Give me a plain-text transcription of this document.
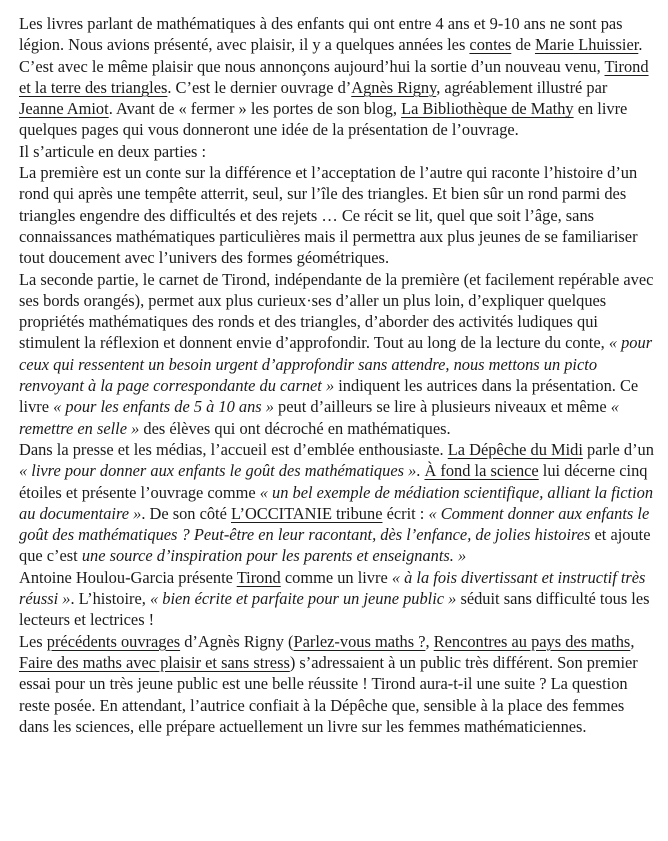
Les livres parlant de mathématiques à des enfants qui ont entre 4 ans et 9-10 ans ne sont pas légion. Nous avions présenté, avec plaisir, il y a quelques années les contes de Marie Lhuissier. C’est avec le même plaisir que nous annonçons aujourd’hui la sortie d’un nouveau venu, Tirond et la terre des triangles. C’est le dernier ouvrage d’Agnès Rigny, agréablement illustré par Jeanne Amiot. Avant de « fermer » les portes de son blog, La Bibliothèque de Mathy en livre quelques pages qui vous donneront une idée de la présentation de l’ouvrage.

Il s’articule en deux parties :

La première est un conte sur la différence et l’acceptation de l’autre qui raconte l’histoire d’un rond qui après une tempête atterrit, seul, sur l’île des triangles. Et bien sûr un rond parmi des triangles engendre des difficultés et des rejets … Ce récit se lit, quel que soit l’âge, sans connaissances mathématiques particulières mais il permettra aux plus jeunes de se familiariser tout doucement avec l’univers des formes géométriques.

La seconde partie, le carnet de Tirond, indépendante de la première (et facilement repérable avec ses bords orangés), permet aux plus curieux·ses d’aller un plus loin, d’expliquer quelques propriétés mathématiques des ronds et des triangles, d’aborder des activités ludiques qui stimulent la réflexion et donnent envie d’approfondir. Tout au long de la lecture du conte, « pour ceux qui ressentent un besoin urgent d’approfondir sans attendre, nous mettons un picto renvoyant à la page correspondante du carnet » indiquent les autrices dans la présentation. Ce livre « pour les enfants de 5 à 10 ans » peut d’ailleurs se lire à plusieurs niveaux et même « remettre en selle » des élèves qui ont décroché en mathématiques.

Dans la presse et les médias, l’accueil est d’emblée enthousiaste. La Dépêche du Midi parle d’un « livre pour donner aux enfants le goût des mathématiques ». À fond la science lui décerne cinq étoiles et présente l’ouvrage comme « un bel exemple de médiation scientifique, alliant la fiction au documentaire ». De son côté L’OCCITANIE tribune écrit : « Comment donner aux enfants le goût des mathématiques ? Peut-être en leur racontant, dès l’enfance, de jolies histoires et ajoute que c’est une source d’inspiration pour les parents et enseignants. »

Antoine Houlou-Garcia présente Tirond comme un livre « à la fois divertissant et instructif très réussi ». L’histoire, « bien écrite et parfaite pour un jeune public » séduit sans difficulté tous les lecteurs et lectrices !

Les précédents ouvrages d’Agnès Rigny (Parlez-vous maths ?, Rencontres au pays des maths, Faire des maths avec plaisir et sans stress) s’adressaient à un public très différent. Son premier essai pour un très jeune public est une belle réussite ! Tirond aura-t-il une suite ? La question reste posée. En attendant, l’autrice confiait à la Dépêche que, sensible à la place des femmes dans les sciences, elle prépare actuellement un livre sur les femmes mathématiciennes.
